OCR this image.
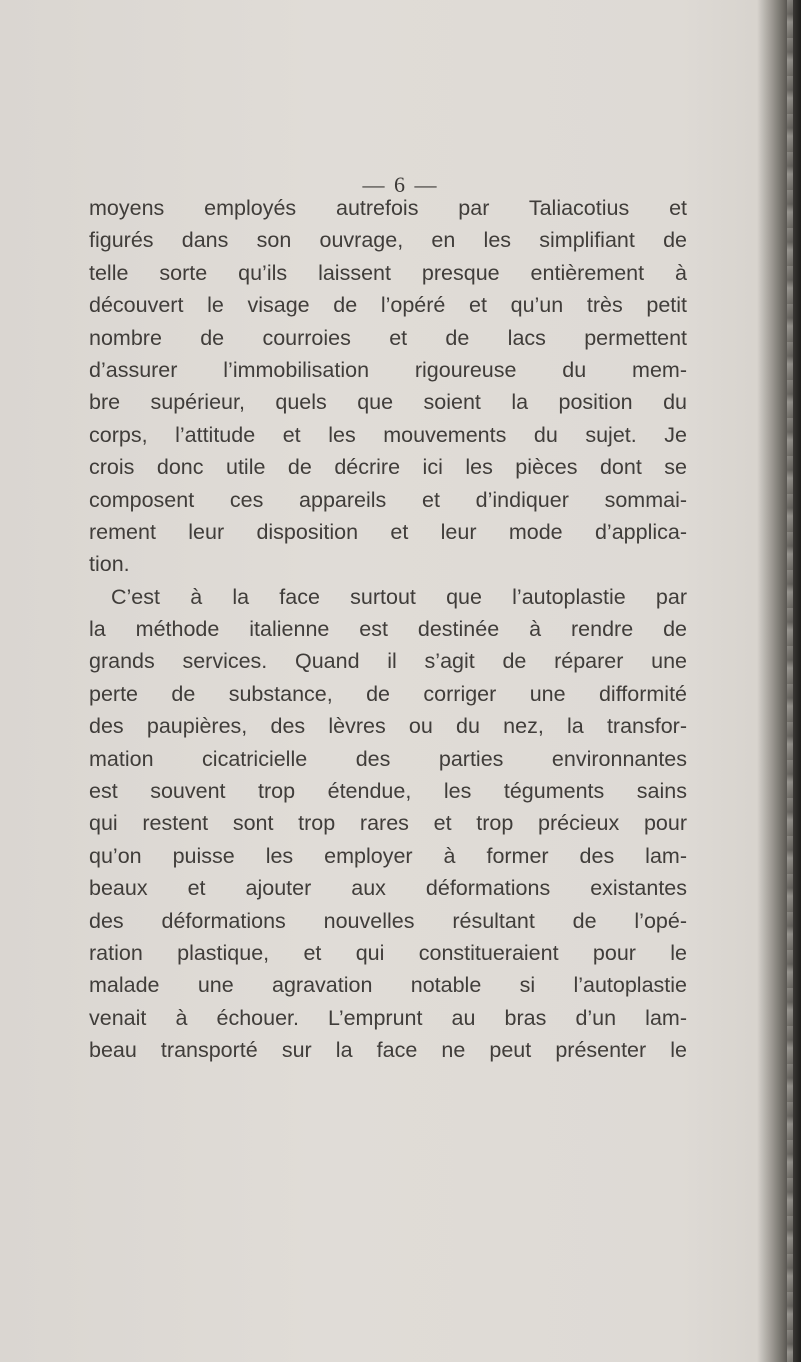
— 6 —
moyens employés autrefois par Taliacotius et
figurés dans son ouvrage, en les simplifiant de
telle sorte qu’ils laissent presque entièrement à
découvert le visage de l’opéré et qu’un très petit
nombre de courroies et de lacs permettent
d’assurer l’immobilisation rigoureuse du mem-
bre supérieur, quels que soient la position du
corps, l’attitude et les mouvements du sujet. Je
crois donc utile de décrire ici les pièces dont se
composent ces appareils et d’indiquer sommai-
rement leur disposition et leur mode d’applica-
tion.
C’est à la face surtout que l’autoplastie par
la méthode italienne est destinée à rendre de
grands services. Quand il s’agit de réparer une
perte de substance, de corriger une difformité
des paupières, des lèvres ou du nez, la transfor-
mation cicatricielle des parties environnantes
est souvent trop étendue, les téguments sains
qui restent sont trop rares et trop précieux pour
qu’on puisse les employer à former des lam-
beaux et ajouter aux déformations existantes
des déformations nouvelles résultant de l’opé-
ration plastique, et qui constitueraient pour le
malade une agravation notable si l’autoplastie
venait à échouer. L’emprunt au bras d’un lam-
beau transporté sur la face ne peut présenter le
